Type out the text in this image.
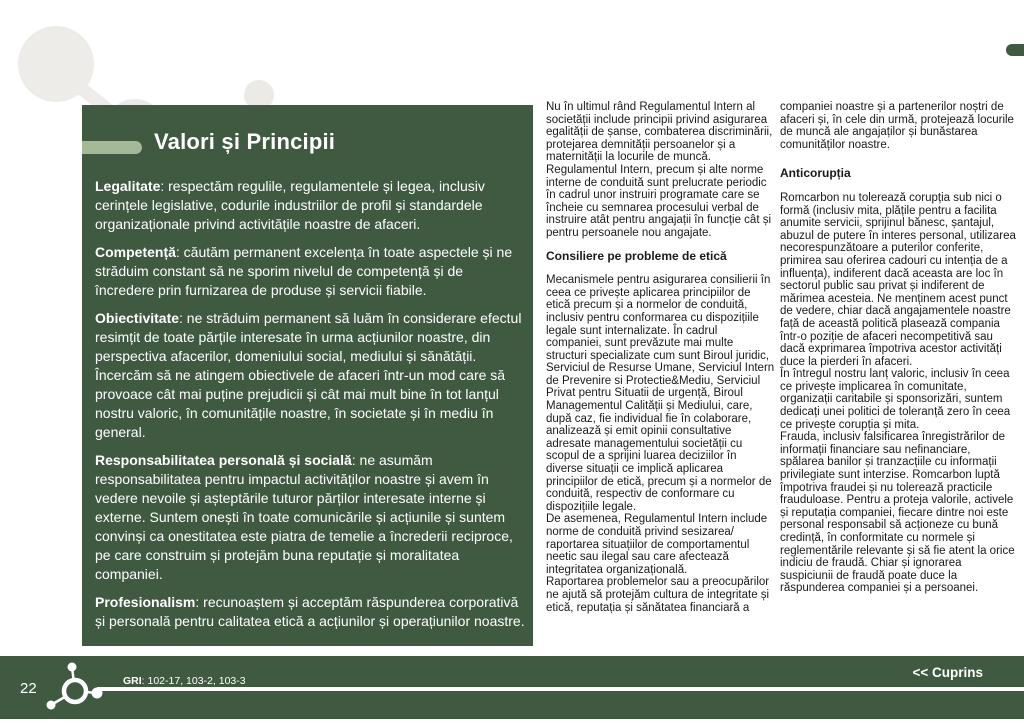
Valori și Principii

Legalitate: respectăm regulile, regulamentele și legea, inclusiv cerințele legislative, codurile industriilor de profil și standardele organizaționale privind activitățile noastre de afaceri.

Competență: căutăm permanent excelența în toate aspectele și ne străduim constant să ne sporim nivelul de competență și de încredere prin furnizarea de produse și servicii fiabile.

Obiectivitate: ne străduim permanent să luăm în considerare efectul resimțit de toate părțile interesate în urma acțiunilor noastre, din perspectiva afacerilor, domeniului social, mediului și sănătății. Încercăm să ne atingem obiectivele de afaceri într-un mod care să provoace cât mai puține prejudicii și cât mai mult bine în tot lanțul nostru valoric, în comunitățile noastre, în societate și în mediu în general.

Responsabilitatea personală și socială: ne asumăm responsabilitatea pentru impactul activităților noastre și avem în vedere nevoile și așteptările tuturor părților interesate interne și externe. Suntem onești în toate comunicările și acțiunile și suntem convinși ca onestitatea este piatra de temelie a încrederii reciproce, pe care construim și protejăm buna reputație și moralitatea companiei.

Profesionalism: recunoaștem și acceptăm răspunderea corporativă și personală pentru calitatea etică a acțiunilor și operațiunilor noastre.

Nu în ultimul rând Regulamentul Intern al societății include principii privind asigurarea egalității de șanse, combaterea discriminării, protejarea demnității persoanelor și a maternității la locurile de muncă.

Regulamentul Intern, precum și alte norme interne de conduită sunt prelucrate periodic în cadrul unor instruiri programate care se încheie cu semnarea procesului verbal de instruire atât pentru angajații în funcție cât și pentru persoanele nou angajate.

Consiliere pe probleme de etică

Mecanismele pentru asigurarea consilierii în ceea ce privește aplicarea principiilor de etică precum și a normelor de conduită, inclusiv pentru conformarea cu dispozițiile legale sunt internalizate. În cadrul companiei, sunt prevăzute mai multe structuri specializate cum sunt Biroul juridic, Serviciul de Resurse Umane, Serviciul Intern de Prevenire si Protectie&Mediu, Serviciul Privat pentru Situatii de urgență, Biroul Managementul Calității și Mediului, care, după caz, fie individual fie în colaborare, analizează și emit opinii consultative adresate managementului societății cu scopul de a sprijini luarea deciziilor în diverse situații ce implică aplicarea principiilor de etică, precum și a normelor de conduită, respectiv de conformare cu dispozițiile legale.

De asemenea, Regulamentul Intern include norme de conduită privind sesizarea/ raportarea situațiilor de comportamentul neetic sau ilegal sau care afectează integritatea organizațională.

Raportarea problemelor sau a preocupărilor ne ajută să protejăm cultura de integritate și etică, reputația și sănătatea financiară a

companiei noastre și a partenerilor noștri de afaceri și, în cele din urmă, protejează locurile de muncă ale angajaților și bunăstarea comunităților noastre.

Anticorupția

Romcarbon nu tolerează corupția sub nici o formă (inclusiv mita, plățile pentru a facilita anumite servicii, sprijinul bănesc, șantajul, abuzul de putere în interes personal, utilizarea necorespunzătoare a puterilor conferite, primirea sau oferirea cadouri cu intenția de a influența), indiferent dacă aceasta are loc în sectorul public sau privat și indiferent de mărimea acesteia. Ne menținem acest punct de vedere, chiar dacă angajamentele noastre față de această politică plasează compania într-o poziție de afaceri necompetitivă sau dacă exprimarea împotriva acestor activități duce la pierderi în afaceri.

În întregul nostru lanț valoric, inclusiv în ceea ce privește implicarea în comunitate, organizații caritabile și sponsorizări, suntem dedicați unei politici de toleranță zero în ceea ce privește corupția și mita.

Frauda, inclusiv falsificarea înregistrărilor de informații financiare sau nefinanciare, spălarea banilor și tranzacțiile cu informații privilegiate sunt interzise. Romcarbon luptă împotriva fraudei și nu tolerează practicile frauduloase. Pentru a proteja valorile, activele și reputația companiei, fiecare dintre noi este personal responsabil să acționeze cu bună credință, în conformitate cu normele și reglementările relevante și să fie atent la orice indiciu de fraudă. Chiar și ignorarea suspiciunii de fraudă poate duce la răspunderea companiei și a persoanei.

22	GRI: 102-17, 103-2, 103-3
<< Cuprins
